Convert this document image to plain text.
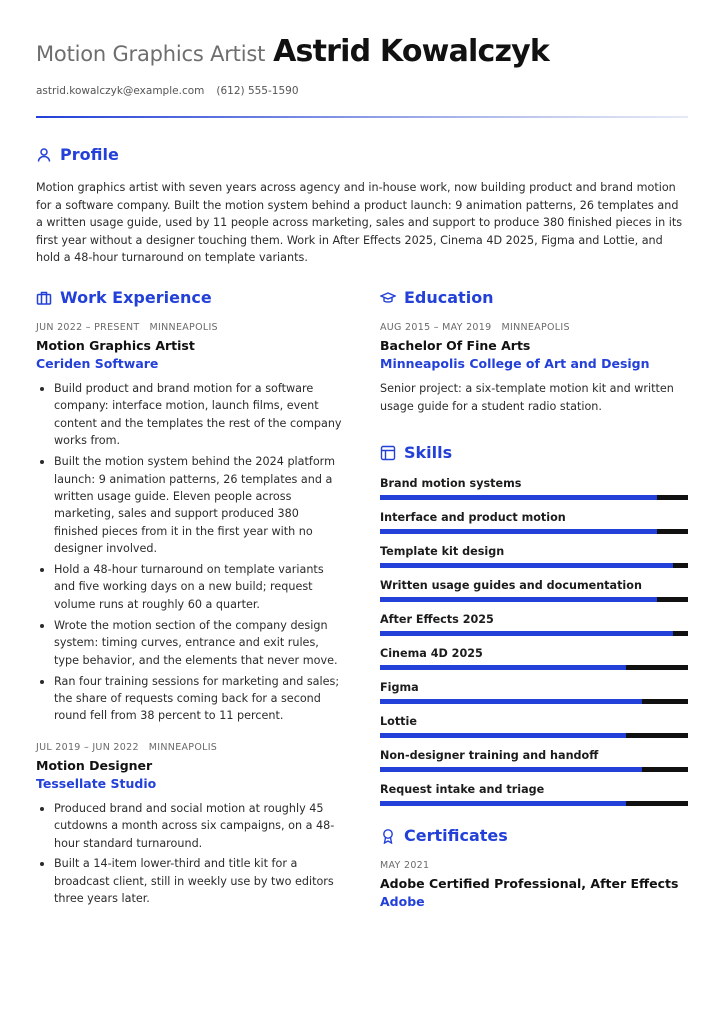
Motion Graphics Artist Astrid Kowalczyk
astrid.kowalczyk@example.com (612) 555-1590
Profile

Motion graphics artist with seven years across agency and in-house work, now building product and brand motion for a software company. Built the motion system behind a product launch: 9 animation patterns, 26 templates and a written usage guide, used by 11 people across marketing, sales and support to produce 380 finished pieces in its first year without a designer touching them. Work in After Effects 2025, Cinema 4D 2025, Figma and Lottie, and hold a 48-hour turnaround on template variants.

Work Experience
JUN 2022 – PRESENT MINNEAPOLIS
Motion Graphics Artist
Ceriden Software
Build product and brand motion for a software company: interface motion, launch films, event content and the templates the rest of the company works from.
Built the motion system behind the 2024 platform launch: 9 animation patterns, 26 templates and a written usage guide. Eleven people across marketing, sales and support produced 380 finished pieces from it in the first year with no designer involved.
Hold a 48-hour turnaround on template variants and five working days on a new build; request volume runs at roughly 60 a quarter.
Wrote the motion section of the company design system: timing curves, entrance and exit rules, type behavior, and the elements that never move.
Ran four training sessions for marketing and sales; the share of requests coming back for a second round fell from 38 percent to 11 percent.
JUL 2019 – JUN 2022 MINNEAPOLIS
Motion Designer
Tessellate Studio
Produced brand and social motion at roughly 45 cutdowns a month across six campaigns, on a 48-hour standard turnaround.
Built a 14-item lower-third and title kit for a broadcast client, still in weekly use by two editors three years later.
Education
AUG 2015 – MAY 2019 MINNEAPOLIS
Bachelor Of Fine Arts
Minneapolis College of Art and Design

Senior project: a six-template motion kit and written usage guide for a student radio station.

Skills
Brand motion systems
Interface and product motion
Template kit design
Written usage guides and documentation
After Effects 2025
Cinema 4D 2025
Figma
Lottie
Non-designer training and handoff
Request intake and triage
Certificates
MAY 2021
Adobe Certified Professional, After Effects
Adobe
